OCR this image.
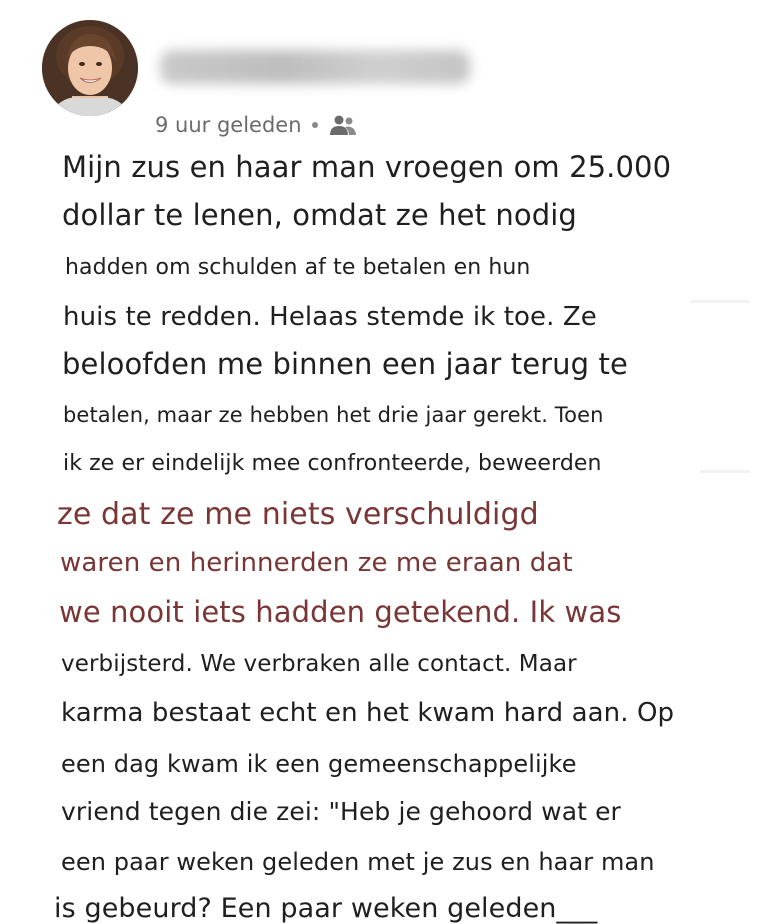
9 uur geleden
Mijn zus en haar man vroegen om 25.000
dollar te lenen, omdat ze het nodig
hadden om schulden af te betalen en hun
huis te redden. Helaas stemde ik toe. Ze
beloofden me binnen een jaar terug te
betalen, maar ze hebben het drie jaar gerekt. Toen
ik ze er eindelijk mee confronteerde, beweerden
ze dat ze me niets verschuldigd
waren en herinnerden ze me eraan dat
we nooit iets hadden getekend. Ik was
verbijsterd. We verbraken alle contact. Maar
karma bestaat echt en het kwam hard aan. Op
een dag kwam ik een gemeenschappelijke
vriend tegen die zei: "Heb je gehoord wat er
een paar weken geleden met je zus en haar man
is gebeurd? Een paar weken geleden___
